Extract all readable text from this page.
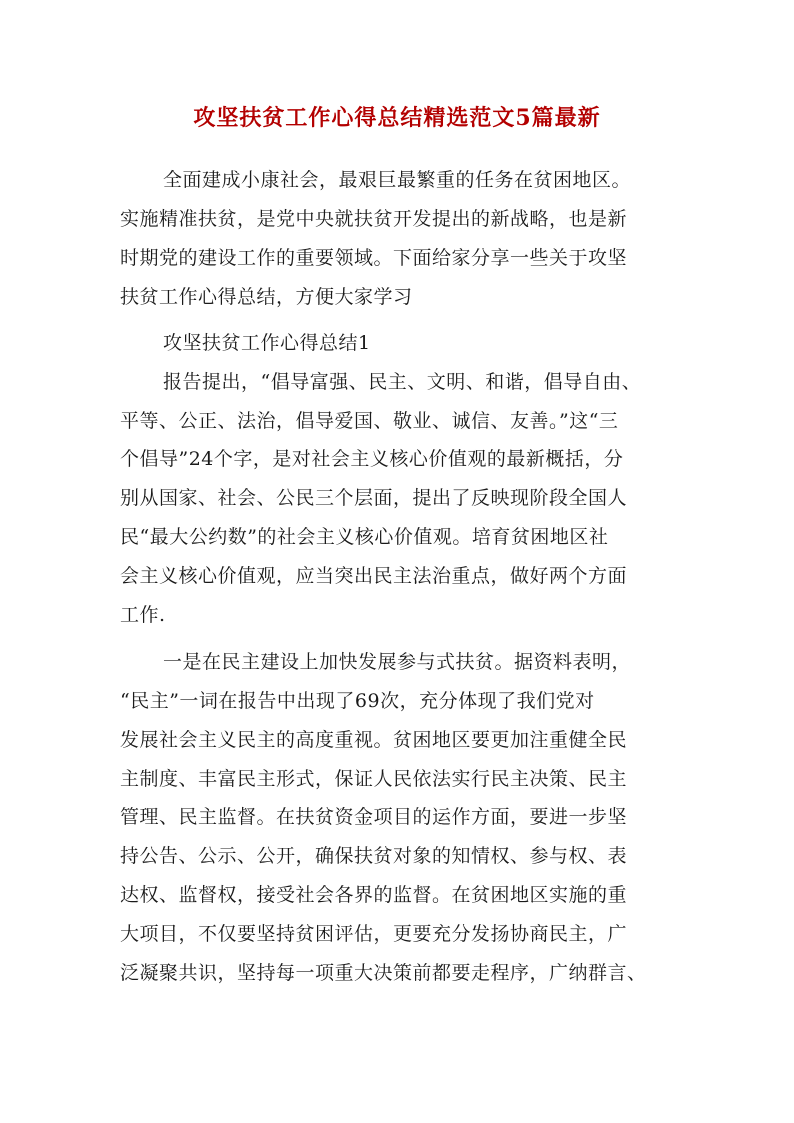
攻坚扶贫工作心得总结精选范文5篇最新
全面建成小康社会，最艰巨最繁重的任务在贫困地区。
实施精准扶贫，是党中央就扶贫开发提出的新战略，也是新
时期党的建设工作的重要领域。下面给家分享一些关于攻坚
扶贫工作心得总结，方便大家学习
攻坚扶贫工作心得总结1
报告提出，“倡导富强、民主、文明、和谐，倡导自由、
平等、公正、法治，倡导爱国、敬业、诚信、友善。”这“三
个倡导”24个字，是对社会主义核心价值观的最新概括，分
别从国家、社会、公民三个层面，提出了反映现阶段全国人
民“最大公约数”的社会主义核心价值观。培育贫困地区社
会主义核心价值观，应当突出民主法治重点，做好两个方面
工作.
一是在民主建设上加快发展参与式扶贫。据资料表明，
“民主”一词在报告中出现了69次，充分体现了我们党对
发展社会主义民主的高度重视。贫困地区要更加注重健全民
主制度、丰富民主形式，保证人民依法实行民主决策、民主
管理、民主监督。在扶贫资金项目的运作方面，要进一步坚
持公告、公示、公开，确保扶贫对象的知情权、参与权、表
达权、监督权，接受社会各界的监督。在贫困地区实施的重
大项目，不仅要坚持贫困评估，更要充分发扬协商民主，广
泛凝聚共识，坚持每一项重大决策前都要走程序，广纳群言、
